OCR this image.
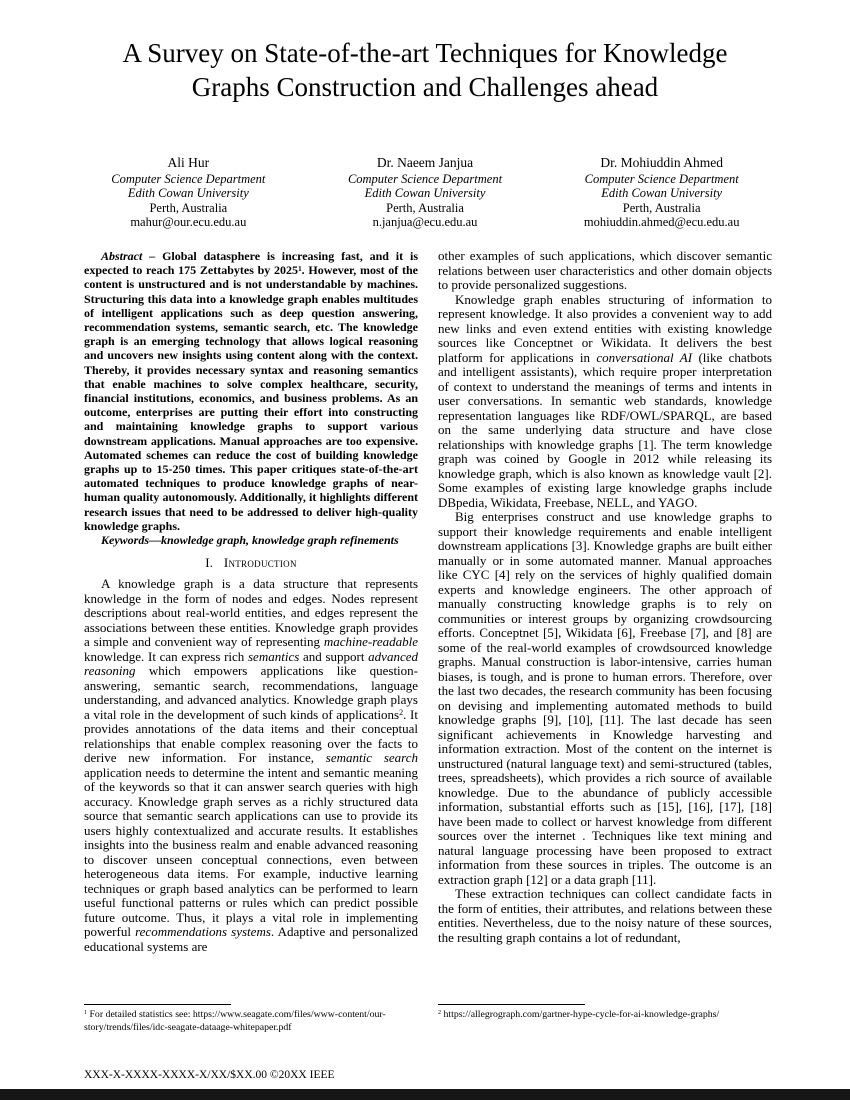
A Survey on State-of-the-art Techniques for Knowledge Graphs Construction and Challenges ahead
Ali Hur
Computer Science Department
Edith Cowan University
Perth, Australia
mahur@our.ecu.edu.au
Dr. Naeem Janjua
Computer Science Department
Edith Cowan University
Perth, Australia
n.janjua@ecu.edu.au
Dr. Mohiuddin Ahmed
Computer Science Department
Edith Cowan University
Perth, Australia
mohiuddin.ahmed@ecu.edu.au

Abstract – Global datasphere is increasing fast, and it is expected to reach 175 Zettabytes by 2025$^1$. However, most of the content is unstructured and is not understandable by machines. Structuring this data into a knowledge graph enables multitudes of intelligent applications such as deep question answering, recommendation systems, semantic search, etc. The knowledge graph is an emerging technology that allows logical reasoning and uncovers new insights using content along with the context. Thereby, it provides necessary syntax and reasoning semantics that enable machines to solve complex healthcare, security, financial institutions, economics, and business problems. As an outcome, enterprises are putting their effort into constructing and maintaining knowledge graphs to support various downstream applications. Manual approaches are too expensive. Automated schemes can reduce the cost of building knowledge graphs up to 15-250 times. This paper critiques state-of-the-art automated techniques to produce knowledge graphs of near-human quality autonomously. Additionally, it highlights different research issues that need to be addressed to deliver high-quality knowledge graphs.

Keywords—knowledge graph, knowledge graph refinements

I. Introduction

A knowledge graph is a data structure that represents knowledge in the form of nodes and edges. Nodes represent descriptions about real-world entities, and edges represent the associations between these entities. Knowledge graph provides a simple and convenient way of representing machine-readable knowledge. It can express rich semantics and support advanced reasoning which empowers applications like question-answering, semantic search, recommendations, language understanding, and advanced analytics. Knowledge graph plays a vital role in the development of such kinds of applications$^2$. It provides annotations of the data items and their conceptual relationships that enable complex reasoning over the facts to derive new information. For instance, semantic search application needs to determine the intent and semantic meaning of the keywords so that it can answer search queries with high accuracy. Knowledge graph serves as a richly structured data source that semantic search applications can use to provide its users highly contextualized and accurate results. It establishes insights into the business realm and enable advanced reasoning to discover unseen conceptual connections, even between heterogeneous data items. For example, inductive learning techniques or graph based analytics can be performed to learn useful functional patterns or rules which can predict possible future outcome. Thus, it plays a vital role in implementing powerful recommendations systems. Adaptive and personalized educational systems are

other examples of such applications, which discover semantic relations between user characteristics and other domain objects to provide personalized suggestions.

Knowledge graph enables structuring of information to represent knowledge. It also provides a convenient way to add new links and even extend entities with existing knowledge sources like Conceptnet or Wikidata. It delivers the best platform for applications in conversational AI (like chatbots and intelligent assistants), which require proper interpretation of context to understand the meanings of terms and intents in user conversations. In semantic web standards, knowledge representation languages like RDF/OWL/SPARQL, are based on the same underlying data structure and have close relationships with knowledge graphs [1]. The term knowledge graph was coined by Google in 2012 while releasing its knowledge graph, which is also known as knowledge vault [2]. Some examples of existing large knowledge graphs include DBpedia, Wikidata, Freebase, NELL, and YAGO.

Big enterprises construct and use knowledge graphs to support their knowledge requirements and enable intelligent downstream applications [3]. Knowledge graphs are built either manually or in some automated manner. Manual approaches like CYC [4] rely on the services of highly qualified domain experts and knowledge engineers. The other approach of manually constructing knowledge graphs is to rely on communities or interest groups by organizing crowdsourcing efforts. Conceptnet [5], Wikidata [6], Freebase [7], and [8] are some of the real-world examples of crowdsourced knowledge graphs. Manual construction is labor-intensive, carries human biases, is tough, and is prone to human errors. Therefore, over the last two decades, the research community has been focusing on devising and implementing automated methods to build knowledge graphs [9], [10], [11]. The last decade has seen significant achievements in Knowledge harvesting and information extraction. Most of the content on the internet is unstructured (natural language text) and semi-structured (tables, trees, spreadsheets), which provides a rich source of available knowledge. Due to the abundance of publicly accessible information, substantial efforts such as [15], [16], [17], [18] have been made to collect or harvest knowledge from different sources over the internet . Techniques like text mining and natural language processing have been proposed to extract information from these sources in triples. The outcome is an extraction graph [12] or a data graph [11].

These extraction techniques can collect candidate facts in the form of entities, their attributes, and relations between these entities. Nevertheless, due to the noisy nature of these sources, the resulting graph contains a lot of redundant,

$^1$ For detailed statistics see: https://www.seagate.com/files/www-content/our-story/trends/files/idc-seagate-dataage-whitepaper.pdf
$^2$ https://allegrograph.com/gartner-hype-cycle-for-ai-knowledge-graphs/
XXX-X-XXXX-XXXX-X/XX/$XX.00 ©20XX IEEE
